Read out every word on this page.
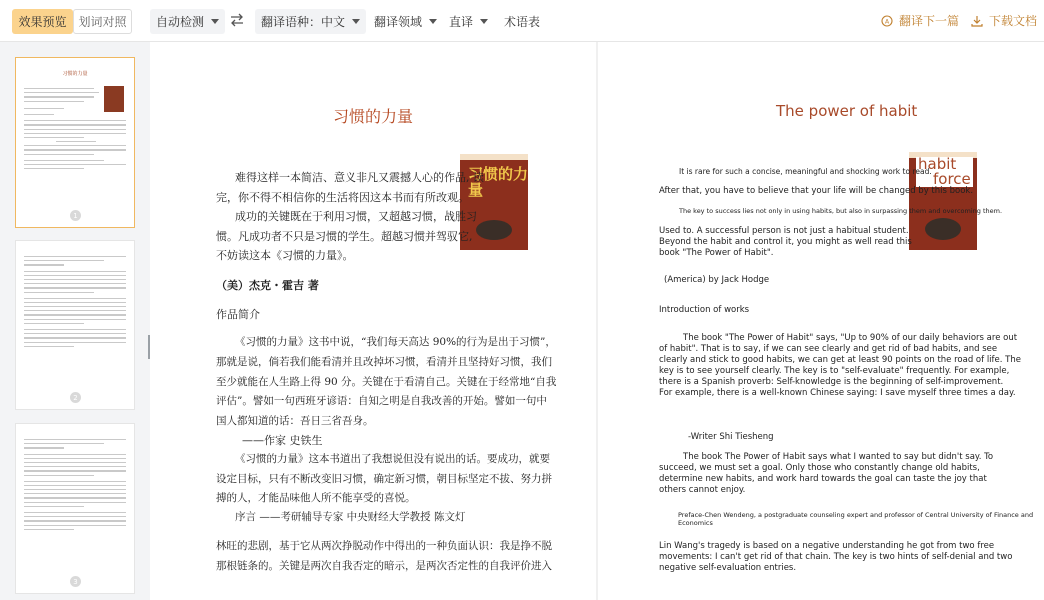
效果预览 划词对照	自动检测	翻译语种：中文 翻译领域 直译	术语表	A 翻译下一篇 下载文档
习惯的力量
1
2
3
习惯的力量
习惯的力量
难得这样一本简洁、意义非凡又震撼人心的作品, 读
完，你不得不相信你的生活将因这本书而有所改观。
成功的关键既在于利用习惯，又超越习惯，战胜习
惯。凡成功者不只是习惯的学生。超越习惯并驾驭它,
不妨读这本《习惯的力量》。
（美）杰克・霍吉 著
作品简介
《习惯的力量》这书中说，“我们每天高达 90%的行为是出于习惯”，
那就是说，倘若我们能看清并且改掉坏习惯，看清并且坚持好习惯，我们
至少就能在人生路上得 90 分。关键在于看清自己。关键在于经常地“自我
评估”。譬如一句西班牙谚语：自知之明是自我改善的开始。譬如一句中
国人都知道的话：吾日三省吾身。
——作家 史铁生
《习惯的力量》这本书道出了我想说但没有说出的话。要成功，就要
设定目标，只有不断改变旧习惯，确定新习惯，朝目标坚定不拔、努力拼
搏的人，才能品味他人所不能享受的喜悦。
序言 ——考研辅导专家 中央财经大学教授 陈文灯
林旺的悲剧，基于它从两次挣脱动作中得出的一种负面认识：我是挣不脱
那根链条的。关键是两次自我否定的暗示，是两次否定性的自我评价进入
The power of habit
habit
force
It is rare for such a concise, meaningful and shocking work to read.
After that, you have to believe that your life will be changed by this book.
The key to success lies not only in using habits, but also in surpassing them and overcoming them.
Used to. A successful person is not just a habitual student.
Beyond the habit and control it, you might as well read this
book "The Power of Habit".
(America) by Jack Hodge
Introduction of works
The book "The Power of Habit" says, "Up to 90% of our daily behaviors are out
of habit". That is to say, if we can see clearly and get rid of bad habits, and see
clearly and stick to good habits, we can get at least 90 points on the road of life. The
key is to see yourself clearly. The key is to "self-evaluate" frequently. For example,
there is a Spanish proverb: Self-knowledge is the beginning of self-improvement.
For example, there is a well-known Chinese saying: I save myself three times a day.
-Writer Shi Tiesheng
The book The Power of Habit says what I wanted to say but didn't say. To
succeed, we must set a goal. Only those who constantly change old habits,
determine new habits, and work hard towards the goal can taste the joy that
others cannot enjoy.
Preface-Chen Wendeng, a postgraduate counseling expert and professor of Central University of Finance and
Economics
Lin Wang's tragedy is based on a negative understanding he got from two free
movements: I can't get rid of that chain. The key is two hints of self-denial and two
negative self-evaluation entries.
